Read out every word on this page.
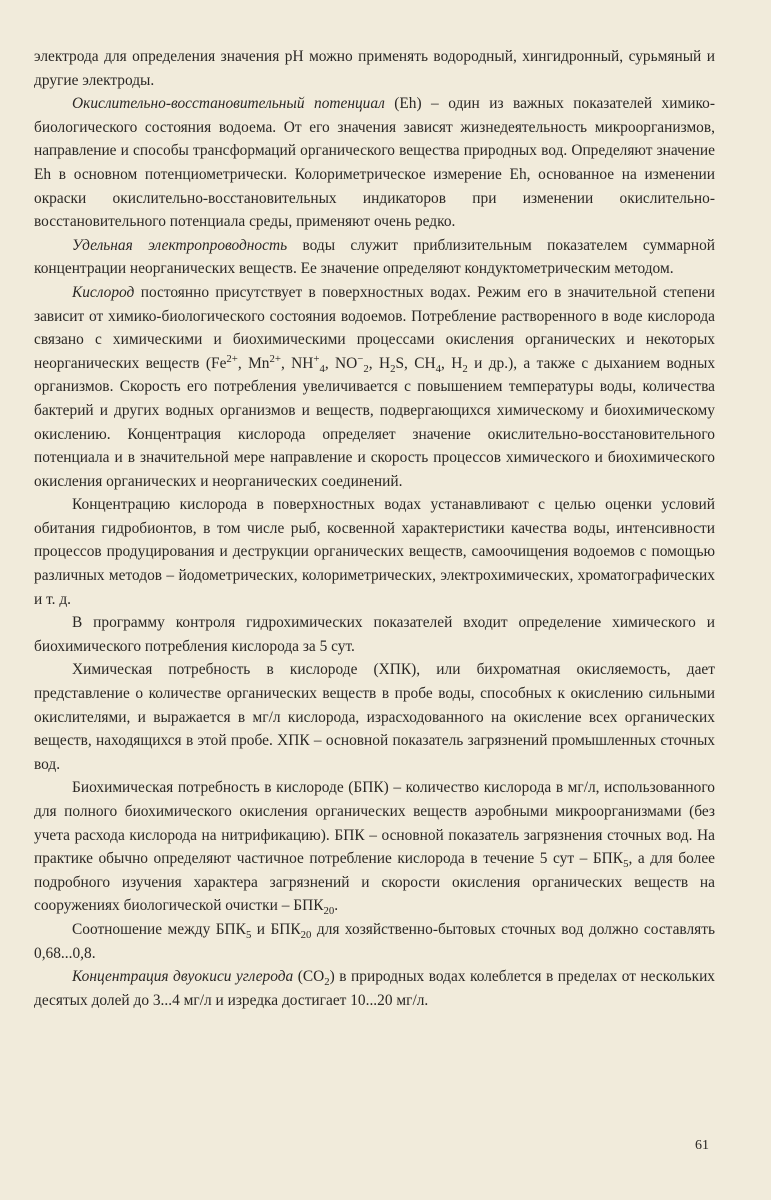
электрода для определения значения pH можно применять водородный, хингидронный, сурьмяный и другие электроды.

Окислительно-восстановительный потенциал (Eh) – один из важных показателей химико-биологического состояния водоема. От его значения зависят жизнедеятельность микроорганизмов, направление и способы трансформаций органического вещества природных вод. Определяют значение Eh в основном потенциометрически. Колориметрическое измерение Eh, основанное на изменении окраски окислительно-восстановительных индикаторов при изменении окислительно-восстановительного потенциала среды, применяют очень редко.

Удельная электропроводность воды служит приблизительным показателем суммарной концентрации неорганических веществ. Ее значение определяют кондуктометрическим методом.

Кислород постоянно присутствует в поверхностных водах. Режим его в значительной степени зависит от химико-биологического состояния водоемов. Потребление растворенного в воде кислорода связано с химическими и биохимическими процессами окисления органических и некоторых неорганических веществ ($Fe^{2+}$, $Mn^{2+}$, $NH^+_4$, $NO^-_2$, $H_2S$, $CH_4$, $H_2$ и др.), а также с дыханием водных организмов. Скорость его потребления увеличивается с повышением температуры воды, количества бактерий и других водных организмов и веществ, подвергающихся химическому и биохимическому окислению. Концентрация кислорода определяет значение окислительно-восстановительного потенциала и в значительной мере направление и скорость процессов химического и биохимического окисления органических и неорганических соединений.

Концентрацию кислорода в поверхностных водах устанавливают с целью оценки условий обитания гидробионтов, в том числе рыб, косвенной характеристики качества воды, интенсивности процессов продуцирования и деструкции органических веществ, самоочищения водоемов с помощью различных методов – йодометрических, колориметрических, электрохимических, хроматографических и т. д.

В программу контроля гидрохимических показателей входит определение химического и биохимического потребления кислорода за 5 сут.

Химическая потребность в кислороде (ХПК), или бихроматная окисляемость, дает представление о количестве органических веществ в пробе воды, способных к окислению сильными окислителями, и выражается в мг/л кислорода, израсходованного на окисление всех органических веществ, находящихся в этой пробе. ХПК – основной показатель загрязнений промышленных сточных вод.

Биохимическая потребность в кислороде (БПК) – количество кислорода в мг/л, использованного для полного биохимического окисления органических веществ аэробными микроорганизмами (без учета расхода кислорода на нитрификацию). БПК – основной показатель загрязнения сточных вод. На практике обычно определяют частичное потребление кислорода в течение 5 сут – $БПК_5$, а для более подробного изучения характера загрязнений и скорости окисления органических веществ на сооружениях биологической очистки – $БПК_{20}$.

Соотношение между $БПК_5$ и $БПК_{20}$ для хозяйственно-бытовых сточных вод должно составлять 0,68...0,8.

Концентрация двуокиси углерода $(СО_2)$ в природных водах колеблется в пределах от нескольких десятых долей до 3...4 мг/л и изредка достигает 10...20 мг/л.

61
